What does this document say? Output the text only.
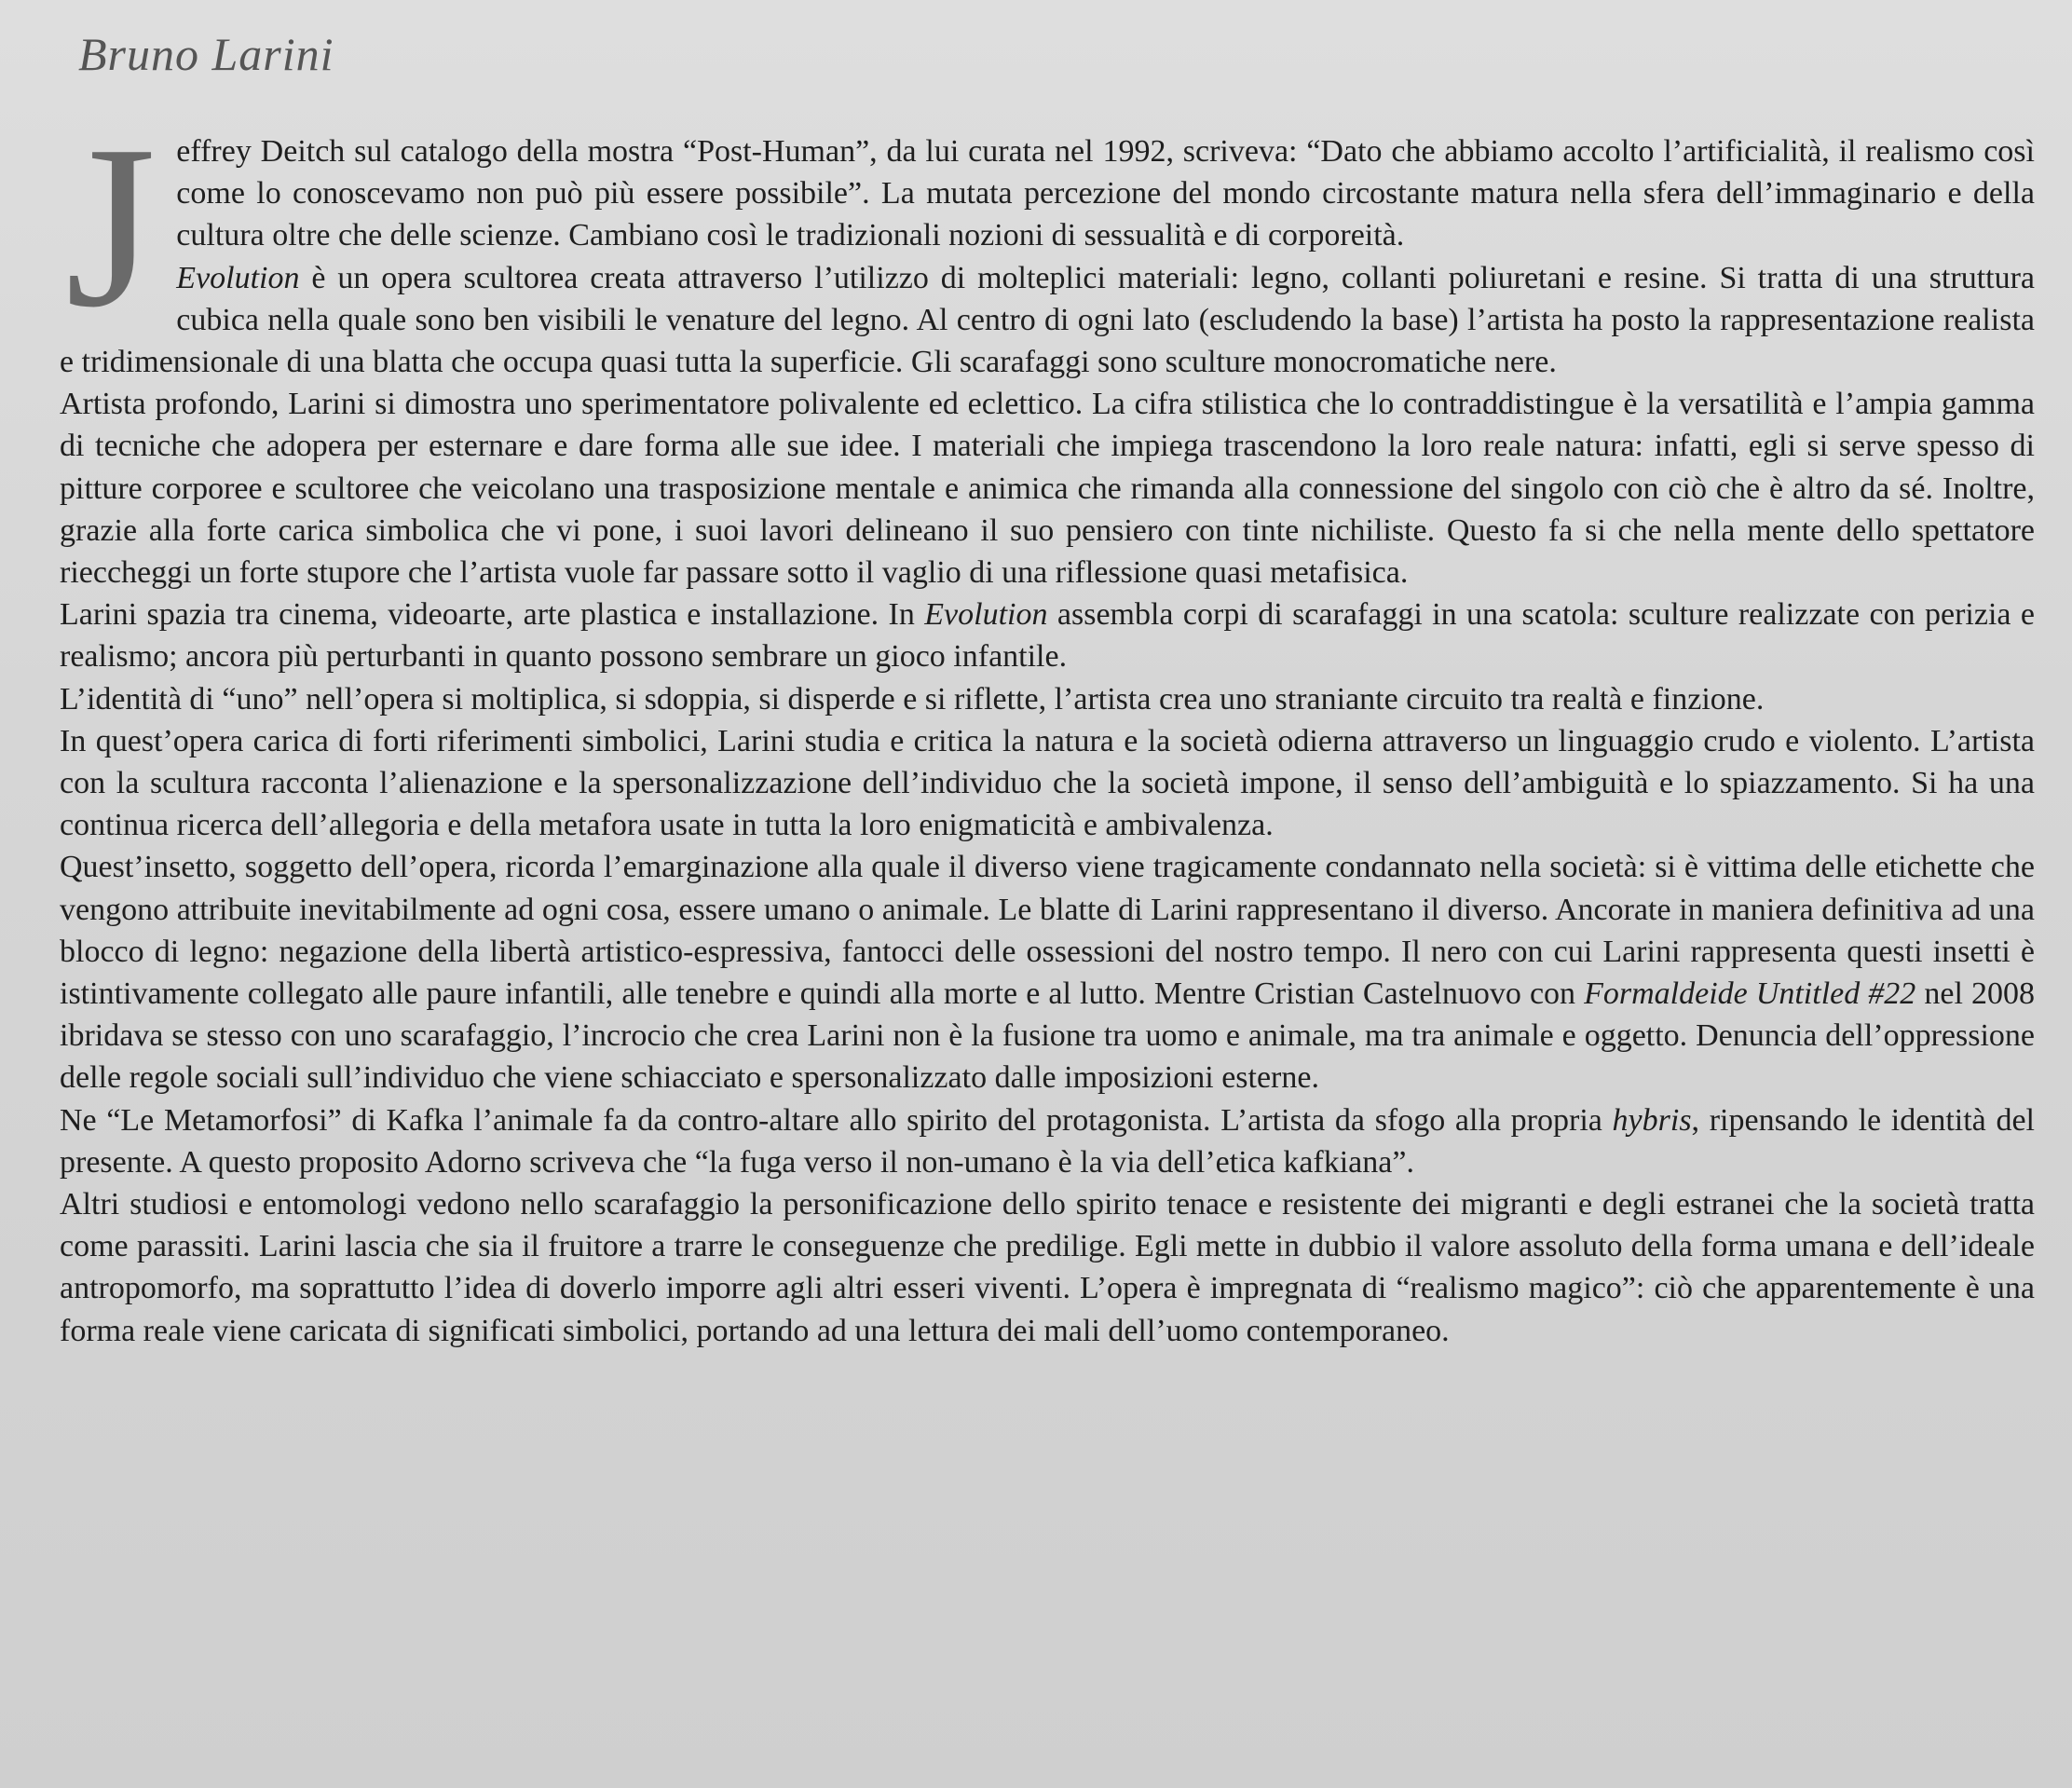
Bruno Larini

Jeffrey Deitch sul catalogo della mostra “Post-Human”, da lui curata nel 1992, scriveva: “Dato che abbiamo accolto l’artificialità, il realismo così come lo conoscevamo non può più essere possibile”. La mutata percezione del mondo circostante matura nella sfera dell’immaginario e della cultura oltre che delle scienze. Cambiano così le tradizionali nozioni di sessualità e di corporeità.

Evolution è un opera scultorea creata attraverso l’utilizzo di molteplici materiali: legno, collanti poliuretani e resine. Si tratta di una struttura cubica nella quale sono ben visibili le venature del legno. Al centro di ogni lato (escludendo la base) l’artista ha posto la rappresentazione realista e tridimensionale di una blatta che occupa quasi tutta la superficie. Gli scarafaggi sono sculture monocromatiche nere.

Artista profondo, Larini si dimostra uno sperimentatore polivalente ed eclettico. La cifra stilistica che lo contraddistingue è la versatilità e l’ampia gamma di tecniche che adopera per esternare e dare forma alle sue idee. I materiali che impiega trascendono la loro reale natura: infatti, egli si serve spesso di pitture corporee e scultoree che veicolano una trasposizione mentale e animica che rimanda alla connessione del singolo con ciò che è altro da sé. Inoltre, grazie alla forte carica simbolica che vi pone, i suoi lavori delineano il suo pensiero con tinte nichiliste. Questo fa si che nella mente dello spettatore riecchеggi un forte stupore che l’artista vuole far passare sotto il vaglio di una riflessione quasi metafisica.

Larini spazia tra cinema, videoarte, arte plastica e installazione. In Evolution assembla corpi di scarafaggi in una scatola: sculture realizzate con perizia e realismo; ancora più perturbanti in quanto possono sembrare un gioco infantile.

L’identità di “uno” nell’opera si moltiplica, si sdoppia, si disperde e si riflette, l’artista crea uno straniante circuito tra realtà e finzione.

In quest’opera carica di forti riferimenti simbolici, Larini studia e critica la natura e la società odierna attraverso un linguaggio crudo e violento. L’artista con la scultura racconta l’alienazione e la spersonalizzazione dell’individuo che la società impone, il senso dell’ambiguità e lo spiazzamento. Si ha una continua ricerca dell’allegoria e della metafora usate in tutta la loro enigmaticità e ambivalenza.

Quest’insetto, soggetto dell’opera, ricorda l’emarginazione alla quale il diverso viene tragicamente condannato nella società: si è vittima delle etichette che vengono attribuite inevitabilmente ad ogni cosa, essere umano o animale. Le blatte di Larini rappresentano il diverso. Ancorate in maniera definitiva ad una blocco di legno: negazione della libertà artistico-espressiva, fantocci delle ossessioni del nostro tempo. Il nero con cui Larini rappresenta questi insetti è istintivamente collegato alle paure infantili, alle tenebre e quindi alla morte e al lutto. Mentre Cristian Castelnuovo con Formaldeide Untitled #22 nel 2008 ibridava se stesso con uno scarafaggio, l’incrocio che crea Larini non è la fusione tra uomo e animale, ma tra animale e oggetto. Denuncia dell’oppressione delle regole sociali sull’individuo che viene schiacciato e spersonalizzato dalle imposizioni esterne.

Ne “Le Metamorfosi” di Kafka l’animale fa da contro-altare allo spirito del protagonista. L’artista da sfogo alla propria hybris, ripensando le identità del presente. A questo proposito Adorno scriveva che “la fuga verso il non-umano è la via dell’etica kafkiana”.

Altri studiosi e entomologi vedono nello scarafaggio la personificazione dello spirito tenace e resistente dei migranti e degli estranei che la società tratta come parassiti. Larini lascia che sia il fruitore a trarre le conseguenze che predilige. Egli mette in dubbio il valore assoluto della forma umana e dell’ideale antropomorfo, ma soprattutto l’idea di doverlo imporre agli altri esseri viventi. L’opera è impregnata di “realismo magico”: ciò che apparentemente è una forma reale viene caricata di significati simbolici, portando ad una lettura dei mali dell’uomo contemporaneo.
